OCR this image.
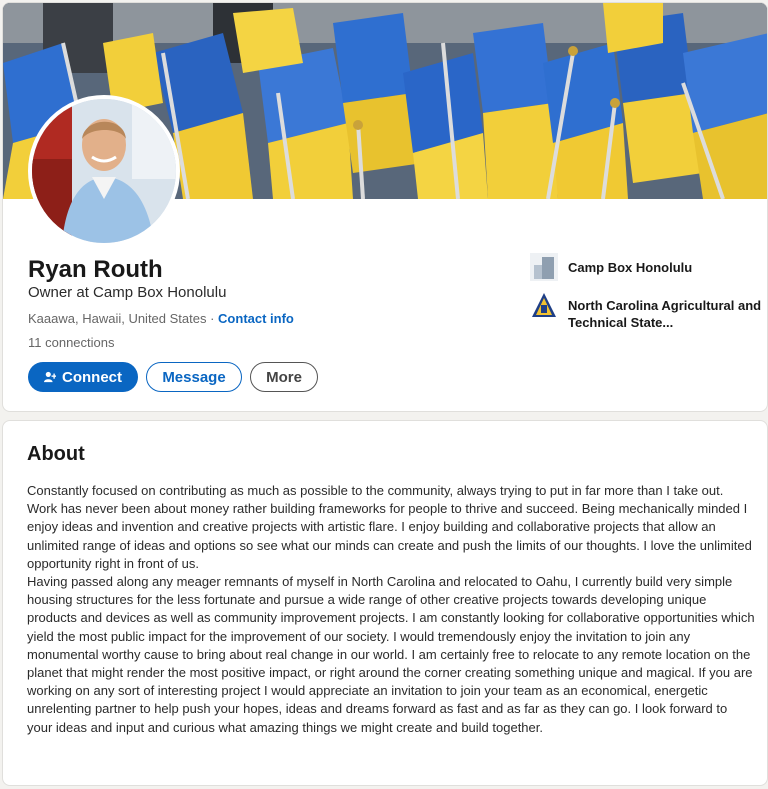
Ryan Routh
Owner at Camp Box Honolulu
Kaaawa, Hawaii, United States · Contact info
11 connections
Connect	Message	More
Camp Box Honolulu
North Carolina Agricultural and Technical State...
About

Constantly focused on contributing as much as possible to the community, always trying to put in far more than I take out. Work has never been about money rather building frameworks for people to thrive and succeed. Being mechanically minded I enjoy ideas and invention and creative projects with artistic flare. I enjoy building and collaborative projects that allow an unlimited range of ideas and options so see what our minds can create and push the limits of our thoughts. I love the unlimited opportunity right in front of us.

Having passed along any meager remnants of myself in North Carolina and relocated to Oahu, I currently build very simple housing structures for the less fortunate and pursue a wide range of other creative projects towards developing unique products and devices as well as community improvement projects. I am constantly looking for collaborative opportunities which yield the most public impact for the improvement of our society. I would tremendously enjoy the invitation to join any monumental worthy cause to bring about real change in our world. I am certainly free to relocate to any remote location on the planet that might render the most positive impact, or right around the corner creating something unique and magical. If you are working on any sort of interesting project I would appreciate an invitation to join your team as an economical, energetic unrelenting partner to help push your hopes, ideas and dreams forward as fast and as far as they can go. I look forward to your ideas and input and curious what amazing things we might create and build together.
